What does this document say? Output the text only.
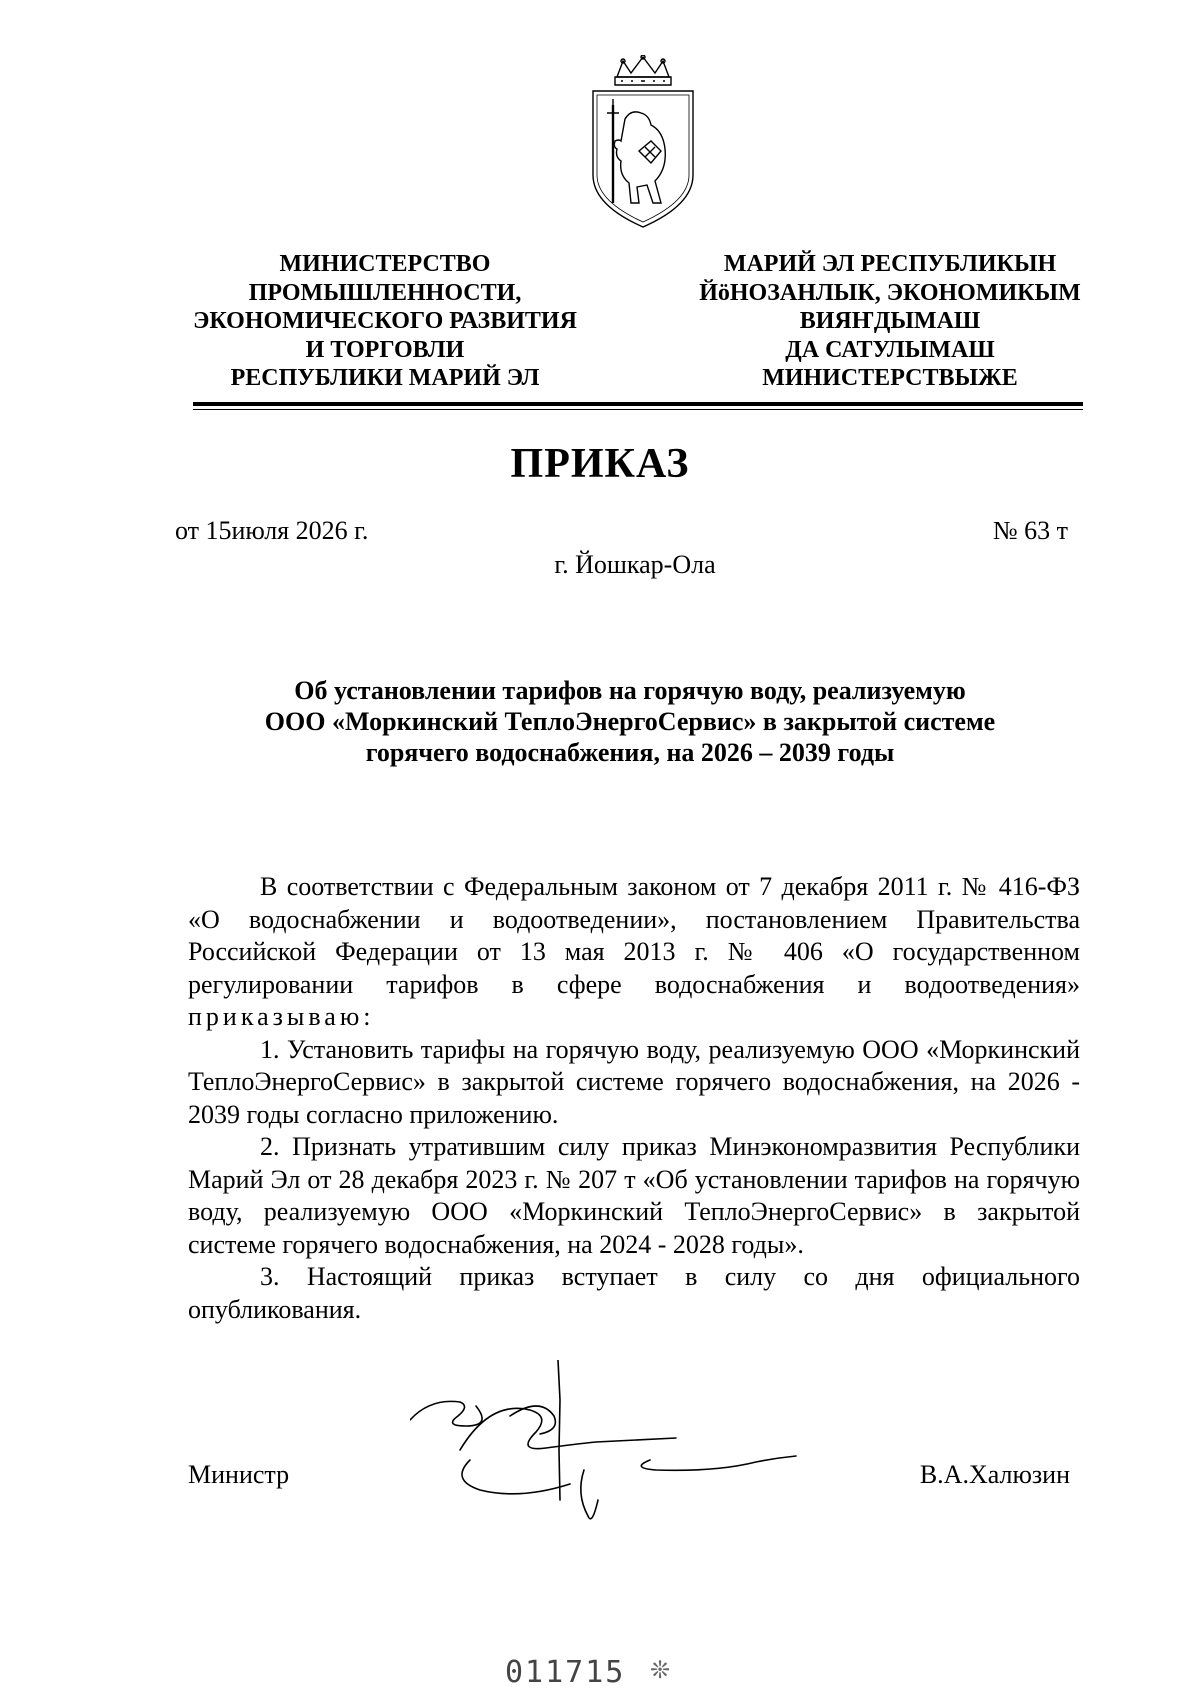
МИНИСТЕРСТВО
ПРОМЫШЛЕННОСТИ,
ЭКОНОМИЧЕСКОГО РАЗВИТИЯ
И ТОРГОВЛИ
РЕСПУБЛИКИ МАРИЙ ЭЛ
МАРИЙ ЭЛ РЕСПУБЛИКЫН
ЙӧНОЗАНЛЫК, ЭКОНОМИКЫМ
ВИЯҤДЫМАШ
ДА САТУЛЫМАШ
МИНИСТЕРСТВЫЖЕ
ПРИКАЗ
от 15июля 2026 г.	№ 63 т
г. Йошкар-Ола
Об установлении тарифов на горячую воду, реализуемую
ООО «Моркинский ТеплоЭнергоСервис» в закрытой системе
горячего водоснабжения, на 2026 – 2039 годы

В соответствии с Федеральным законом от 7 декабря 2011 г. № 416-ФЗ «О водоснабжении и водоотведении», постановлением Правительства Российской Федерации от 13 мая 2013 г. № 406 «О государственном регулировании тарифов в сфере водоснабжения и водоотведения» приказываю:

1. Установить тарифы на горячую воду, реализуемую ООО «Моркинский ТеплоЭнергоСервис» в закрытой системе горячего водоснабжения, на 2026 - 2039 годы согласно приложению.

2. Признать утратившим силу приказ Минэкономразвития Республики Марий Эл от 28 декабря 2023 г. № 207 т «Об установлении тарифов на горячую воду, реализуемую ООО «Моркинский ТеплоЭнергоСервис» в закрытой системе горячего водоснабжения, на 2024 - 2028 годы».

3. Настоящий приказ вступает в силу со дня официального опубликования.

Министр	В.А.Халюзин
011715 ❊
